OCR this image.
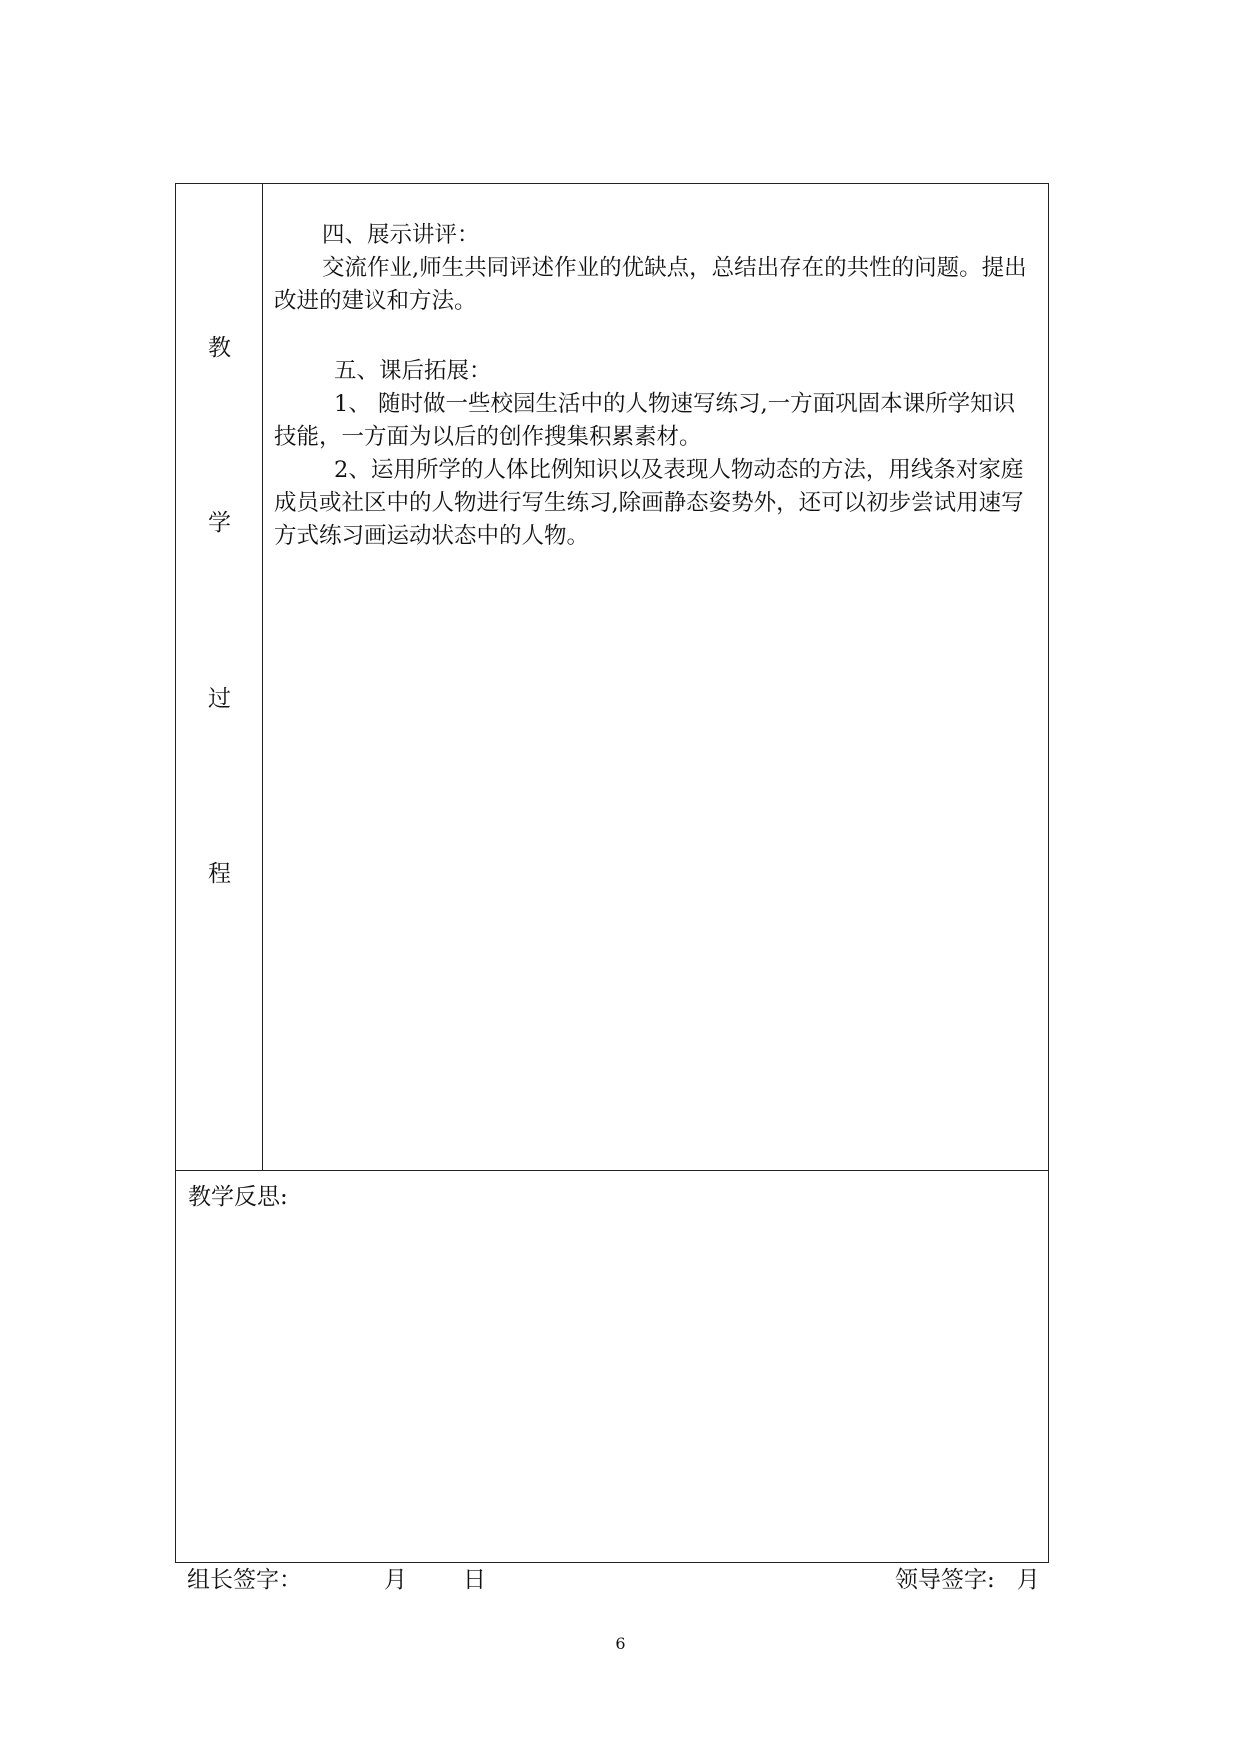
教
学
过
程

四、展示讲评：

交流作业,师生共同评述作业的优缺点，总结出存在的共性的问题。提出改进的建议和方法。

五、课后拓展：

1、 随时做一些校园生活中的人物速写练习,一方面巩固本课所学知识技能，一方面为以后的创作搜集积累素材。

2、运用所学的人体比例知识以及表现人物动态的方法，用线条对家庭成员或社区中的人物进行写生练习,除画静态姿势外，还可以初步尝试用速写方式练习画运动状态中的人物。

教学反思:
组长签字：	月 日	领导签字: 月
6
